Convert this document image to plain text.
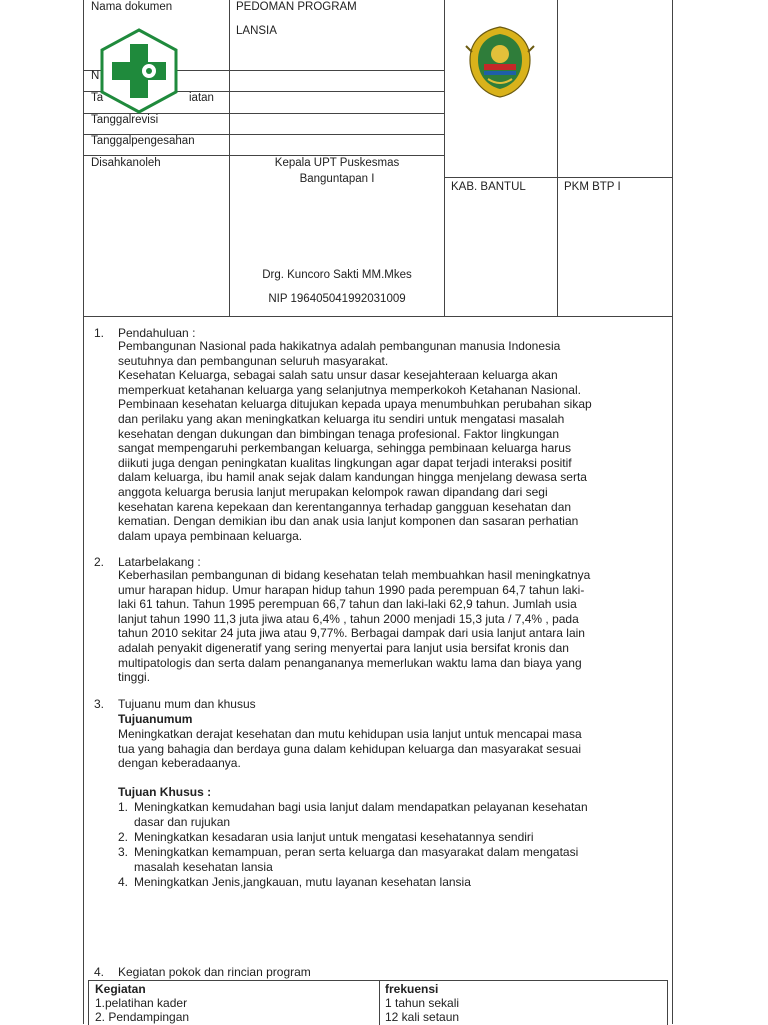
Nama dokumen	PEDOMAN PROGRAM
LANSIA
N
Ta	iatan
Tanggalrevisi
Tanggalpengesahan
Disahkanoleh	Kepala UPT Puskesmas
Banguntapan I
Drg. Kuncoro Sakti MM.Mkes
NIP 196405041992031009
KAB. BANTUL	PKM BTP I
1. Pendahuluan :
Pembangunan Nasional pada hakikatnya adalah pembangunan manusia Indonesia
seutuhnya dan pembangunan seluruh masyarakat.
Kesehatan Keluarga, sebagai salah satu unsur dasar kesejahteraan keluarga akan
memperkuat ketahanan keluarga yang selanjutnya memperkokoh Ketahanan Nasional.
Pembinaan kesehatan keluarga ditujukan kepada upaya menumbuhkan perubahan sikap
dan perilaku yang akan meningkatkan keluarga itu sendiri untuk mengatasi masalah
kesehatan dengan dukungan dan bimbingan tenaga profesional. Faktor lingkungan
sangat mempengaruhi perkembangan keluarga, sehingga pembinaan keluarga harus
diikuti juga dengan peningkatan kualitas lingkungan agar dapat terjadi interaksi positif
dalam keluarga, ibu hamil anak sejak dalam kandungan hingga menjelang dewasa serta
anggota keluarga berusia lanjut merupakan kelompok rawan dipandang dari segi
kesehatan karena kepekaan dan kerentangannya terhadap gangguan kesehatan dan
kematian. Dengan demikian ibu dan anak usia lanjut komponen dan sasaran perhatian
dalam upaya pembinaan keluarga.
2. Latarbelakang :
Keberhasilan pembangunan di bidang kesehatan telah membuahkan hasil meningkatnya
umur harapan hidup. Umur harapan hidup tahun 1990 pada perempuan 64,7 tahun laki-
laki 61 tahun. Tahun 1995 perempuan 66,7 tahun dan laki-laki 62,9 tahun. Jumlah usia
lanjut tahun 1990 11,3 juta jiwa atau 6,4% , tahun 2000 menjadi 15,3 juta / 7,4% , pada
tahun 2010 sekitar 24 juta jiwa atau 9,77%. Berbagai dampak dari usia lanjut antara lain
adalah penyakit digeneratif yang sering menyertai para lanjut usia bersifat kronis dan
multipatologis dan serta dalam penangananya memerlukan waktu lama dan biaya yang
tinggi.
3. Tujuanu mum dan khusus
Tujuanumum
Meningkatkan derajat kesehatan dan mutu kehidupan usia lanjut untuk mencapai masa
tua yang bahagia dan berdaya guna dalam kehidupan keluarga dan masyarakat sesuai
dengan keberadaanya.
Tujuan Khusus :
1. Meningkatkan kemudahan bagi usia lanjut dalam mendapatkan pelayanan kesehatan
dasar dan rujukan
2. Meningkatkan kesadaran usia lanjut untuk mengatasi kesehatannya sendiri
3. Meningkatkan kemampuan, peran serta keluarga dan masyarakat dalam mengatasi
masalah kesehatan lansia
4. Meningkatkan Jenis,jangkauan, mutu layanan kesehatan lansia
4. Kegiatan pokok dan rincian program
Kegiatan	frekuensi
1.pelatihan kader	1 tahun sekali
2. Pendampingan	12 kali setaun
